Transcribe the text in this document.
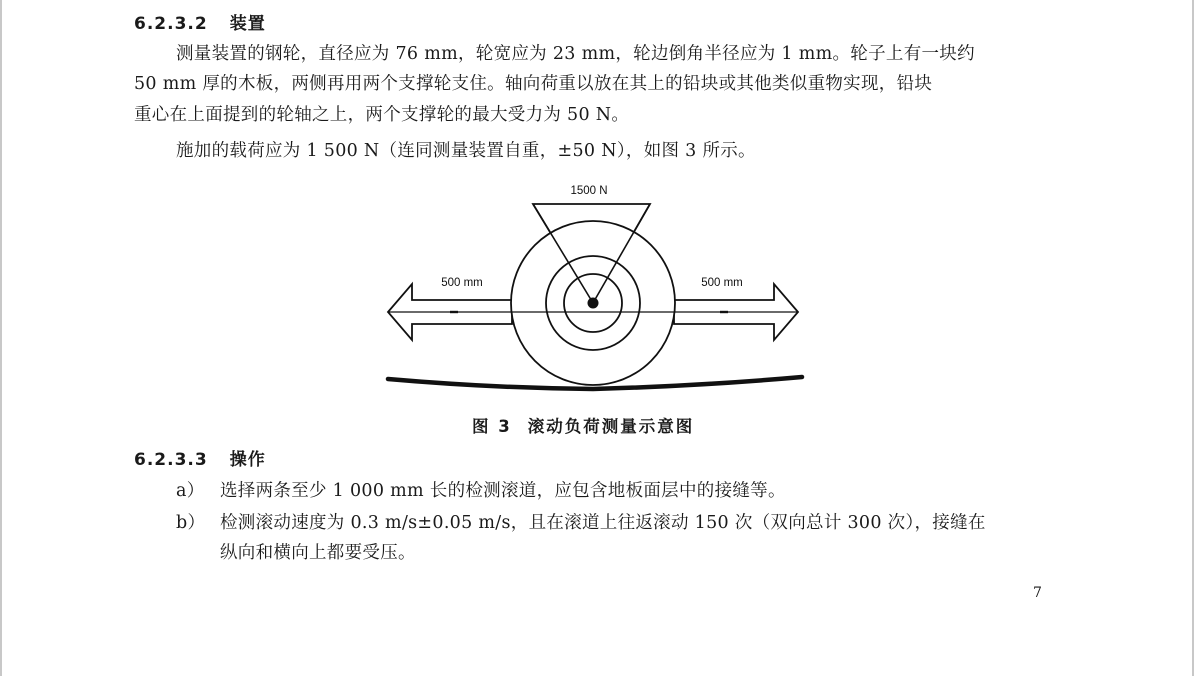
6.2.3.2 装置
测量装置的钢轮，直径应为 76 mm，轮宽应为 23 mm，轮边倒角半径应为 1 mm。轮子上有一块约
50 mm 厚的木板，两侧再用两个支撑轮支住。轴向荷重以放在其上的铅块或其他类似重物实现，铅块
重心在上面提到的轮轴之上，两个支撑轮的最大受力为 50 N。
施加的载荷应为 1 500 N（连同测量装置自重，±50 N），如图 3 所示。
1500 N
500 mm	500 mm
图 3 滚动负荷测量示意图
6.2.3.3 操作
a） 选择两条至少 1 000 mm 长的检测滚道，应包含地板面层中的接缝等。
b） 检测滚动速度为 0.3 m/s±0.05 m/s，且在滚道上往返滚动 150 次（双向总计 300 次），接缝在
纵向和横向上都要受压。
7
